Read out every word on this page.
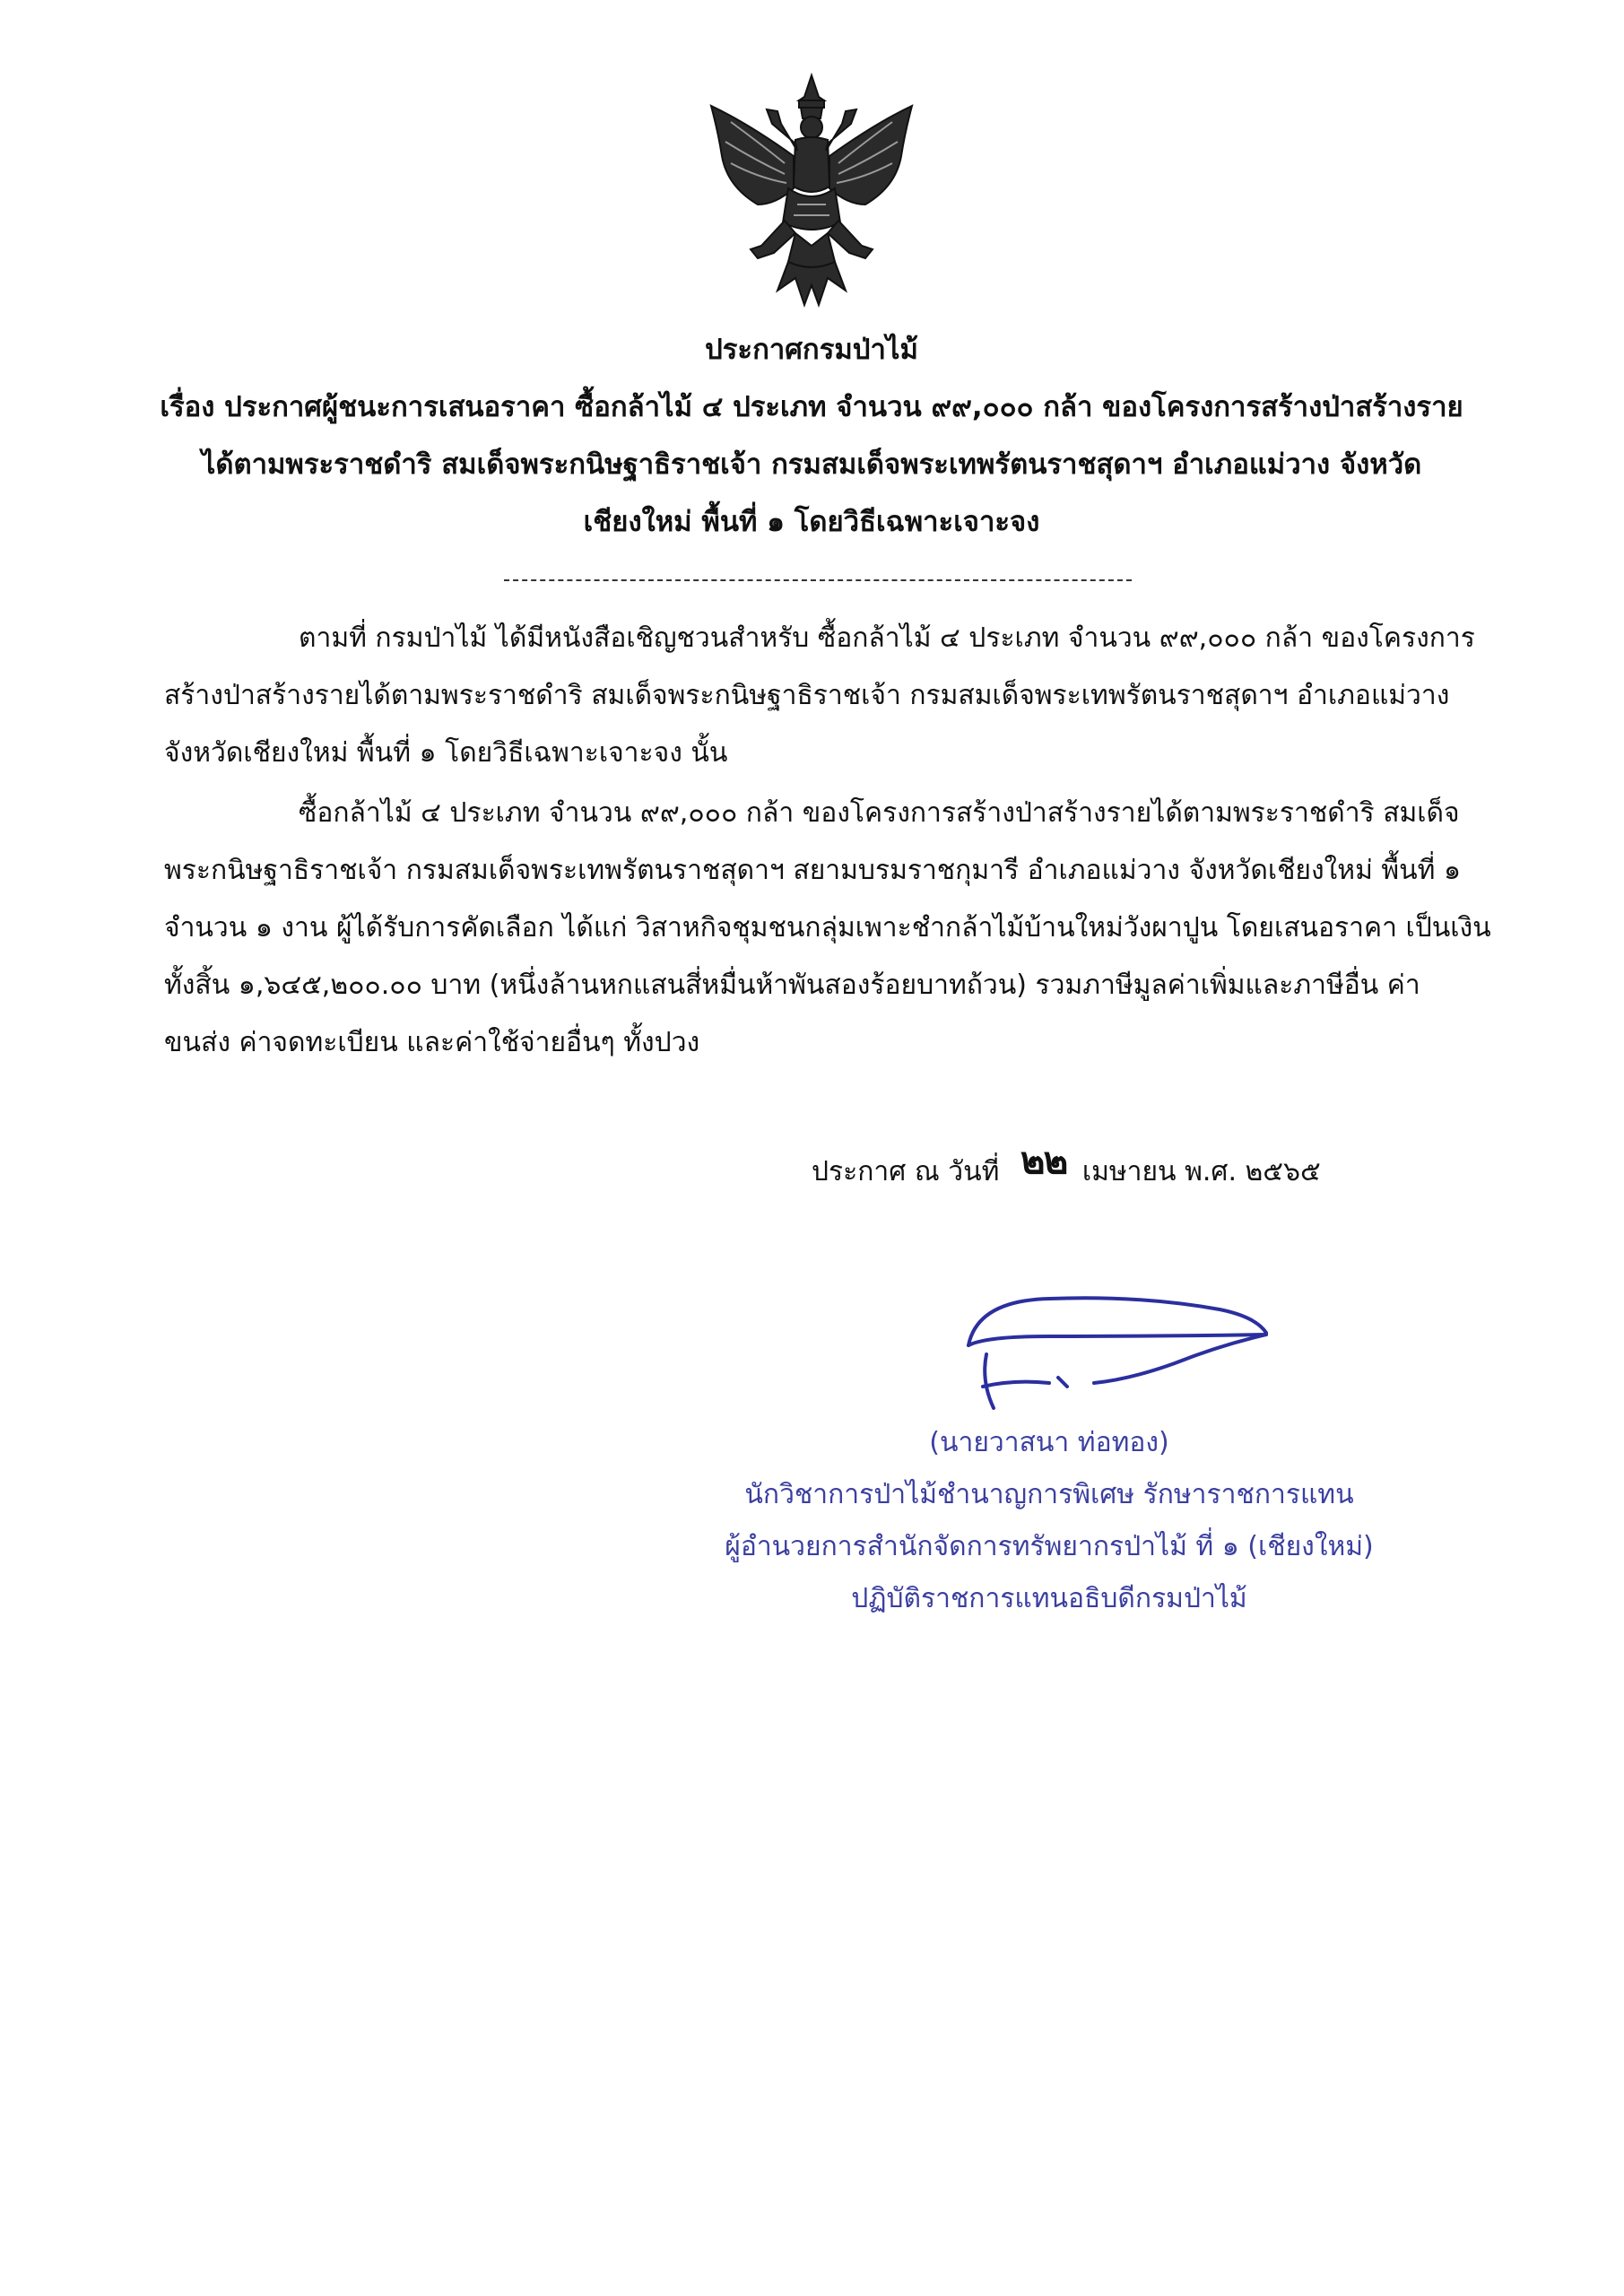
ประกาศกรมป่าไม้
เรื่อง ประกาศผู้ชนะการเสนอราคา ซื้อกล้าไม้ ๔ ประเภท จำนวน ๙๙,๐๐๐ กล้า ของโครงการสร้างป่าสร้างราย
ได้ตามพระราชดำริ สมเด็จพระกนิษฐาธิราชเจ้า กรมสมเด็จพระเทพรัตนราชสุดาฯ อำเภอแม่วาง จังหวัด
เชียงใหม่ พื้นที่ ๑ โดยวิธีเฉพาะเจาะจง
ตามที่ กรมป่าไม้ ได้มีหนังสือเชิญชวนสำหรับ ซื้อกล้าไม้ ๔ ประเภท จำนวน ๙๙,๐๐๐ กล้า ของโครงการ
สร้างป่าสร้างรายได้ตามพระราชดำริ สมเด็จพระกนิษฐาธิราชเจ้า กรมสมเด็จพระเทพรัตนราชสุดาฯ อำเภอแม่วาง
จังหวัดเชียงใหม่ พื้นที่ ๑ โดยวิธีเฉพาะเจาะจง นั้น
ซื้อกล้าไม้ ๔ ประเภท จำนวน ๙๙,๐๐๐ กล้า ของโครงการสร้างป่าสร้างรายได้ตามพระราชดำริ สมเด็จ
พระกนิษฐาธิราชเจ้า กรมสมเด็จพระเทพรัตนราชสุดาฯ สยามบรมราชกุมารี อำเภอแม่วาง จังหวัดเชียงใหม่ พื้นที่ ๑
จำนวน ๑ งาน ผู้ได้รับการคัดเลือก ได้แก่ วิสาหกิจชุมชนกลุ่มเพาะชำกล้าไม้บ้านใหม่วังผาปูน โดยเสนอราคา เป็นเงิน
ทั้งสิ้น ๑,๖๔๕,๒๐๐.๐๐ บาท (หนึ่งล้านหกแสนสี่หมื่นห้าพันสองร้อยบาทถ้วน) รวมภาษีมูลค่าเพิ่มและภาษีอื่น ค่า
ขนส่ง ค่าจดทะเบียน และค่าใช้จ่ายอื่นๆ ทั้งปวง
ประกาศ ณ วันที่ ๒๒ เมษายน พ.ศ. ๒๕๖๕
(นายวาสนา ท่อทอง)
นักวิชาการป่าไม้ชำนาญการพิเศษ รักษาราชการแทน
ผู้อำนวยการสำนักจัดการทรัพยากรป่าไม้ ที่ ๑ (เชียงใหม่)
ปฏิบัติราชการแทนอธิบดีกรมป่าไม้
